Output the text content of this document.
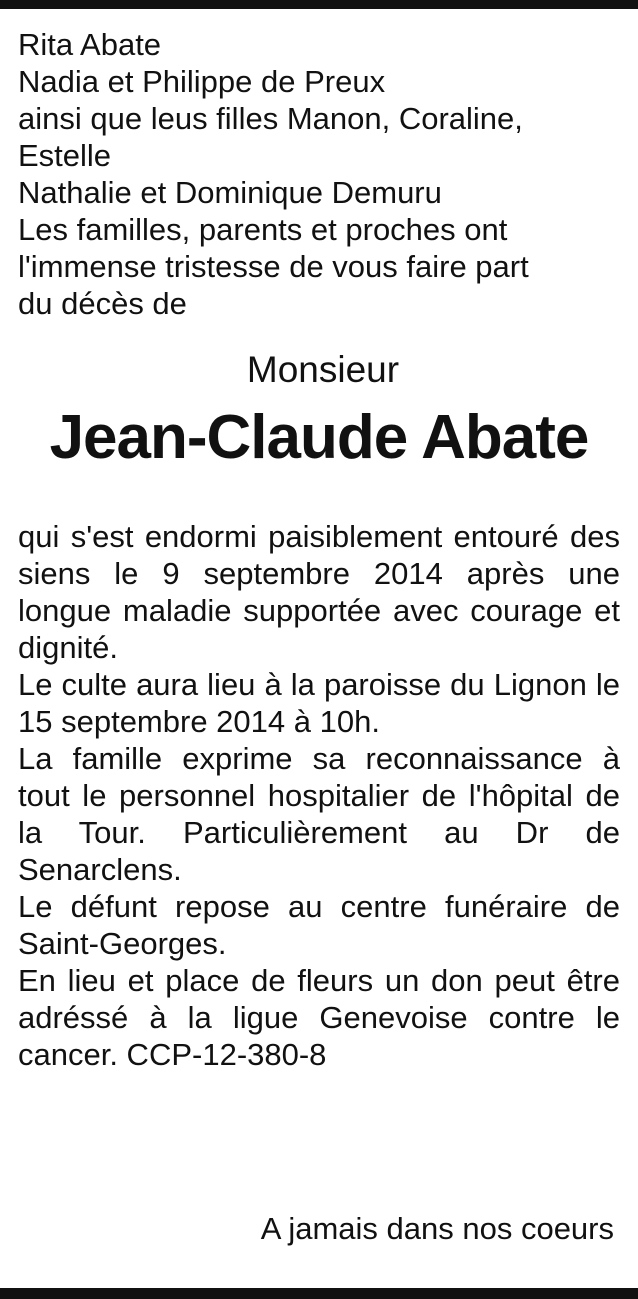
Rita Abate
Nadia et Philippe de Preux
ainsi que leus filles Manon, Coraline,
Estelle
Nathalie et Dominique Demuru
Les familles, parents et proches ont
l'immense tristesse de vous faire part
du décès de
Monsieur
Jean-Claude Abate

qui s'est endormi paisiblement entouré des siens le 9 septembre 2014 après une longue maladie supportée avec courage et dignité.

Le culte aura lieu à la paroisse du Lignon le 15 septembre 2014 à 10h.

La famille exprime sa reconnaissance à tout le personnel hospitalier de l'hôpital de la Tour. Particulièrement au Dr de Senarclens.

Le défunt repose au centre funéraire de Saint-Georges.

En lieu et place de fleurs un don peut être adréssé à la ligue Genevoise contre le cancer. CCP-12-380-8

A jamais dans nos coeurs
